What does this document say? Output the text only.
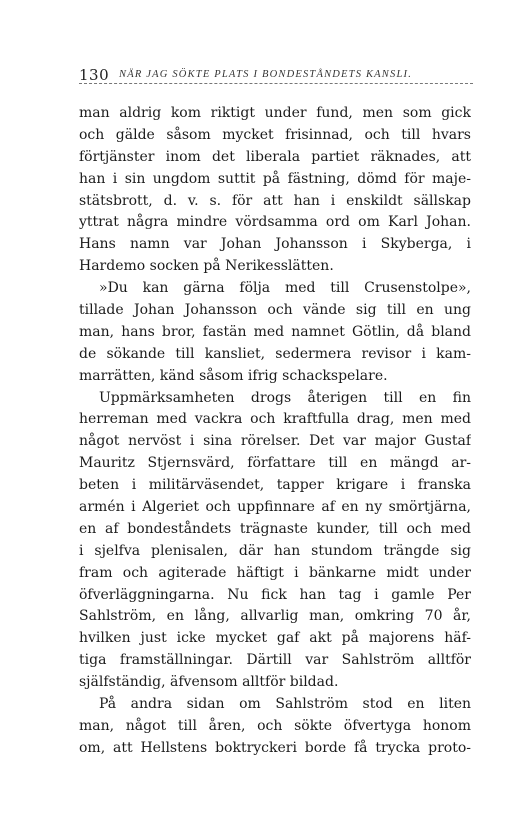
130 NÄR JAG SÖKTE PLATS I BONDESTÅNDETS KANSLI.
man aldrig kom riktigt under fund, men som gick
och gälde såsom mycket frisinnad, och till hvars
förtjänster inom det liberala partiet räknades, att
han i sin ungdom suttit på fästning, dömd för maje-
stätsbrott, d. v. s. för att han i enskildt sällskap
yttrat några mindre vördsamma ord om Karl Johan.
Hans namn var Johan Johansson i Skyberga, i
Hardemo socken på Nerikesslätten.
»Du kan gärna följa med till Crusenstolpe»,
tillade Johan Johansson och vände sig till en ung
man, hans bror, fastän med namnet Götlin, då bland
de sökande till kansliet, sedermera revisor i kam-
marrätten, känd såsom ifrig schackspelare.
Uppmärksamheten drogs återigen till en fin
herreman med vackra och kraftfulla drag, men med
något nervöst i sina rörelser. Det var major Gustaf
Mauritz Stjernsvärd, författare till en mängd ar-
beten i militärväsendet, tapper krigare i franska
armén i Algeriet och uppfinnare af en ny smörtjärna,
en af bondeståndets trägnaste kunder, till och med
i sjelfva plenisalen, där han stundom trängde sig
fram och agiterade häftigt i bänkarne midt under
öfverläggningarna. Nu fick han tag i gamle Per
Sahlström, en lång, allvarlig man, omkring 70 år,
hvilken just icke mycket gaf akt på majorens häf-
tiga framställningar. Därtill var Sahlström alltför
själfständig, äfvensom alltför bildad.
På andra sidan om Sahlström stod en liten
man, något till åren, och sökte öfvertyga honom
om, att Hellstens boktryckeri borde få trycka proto-
